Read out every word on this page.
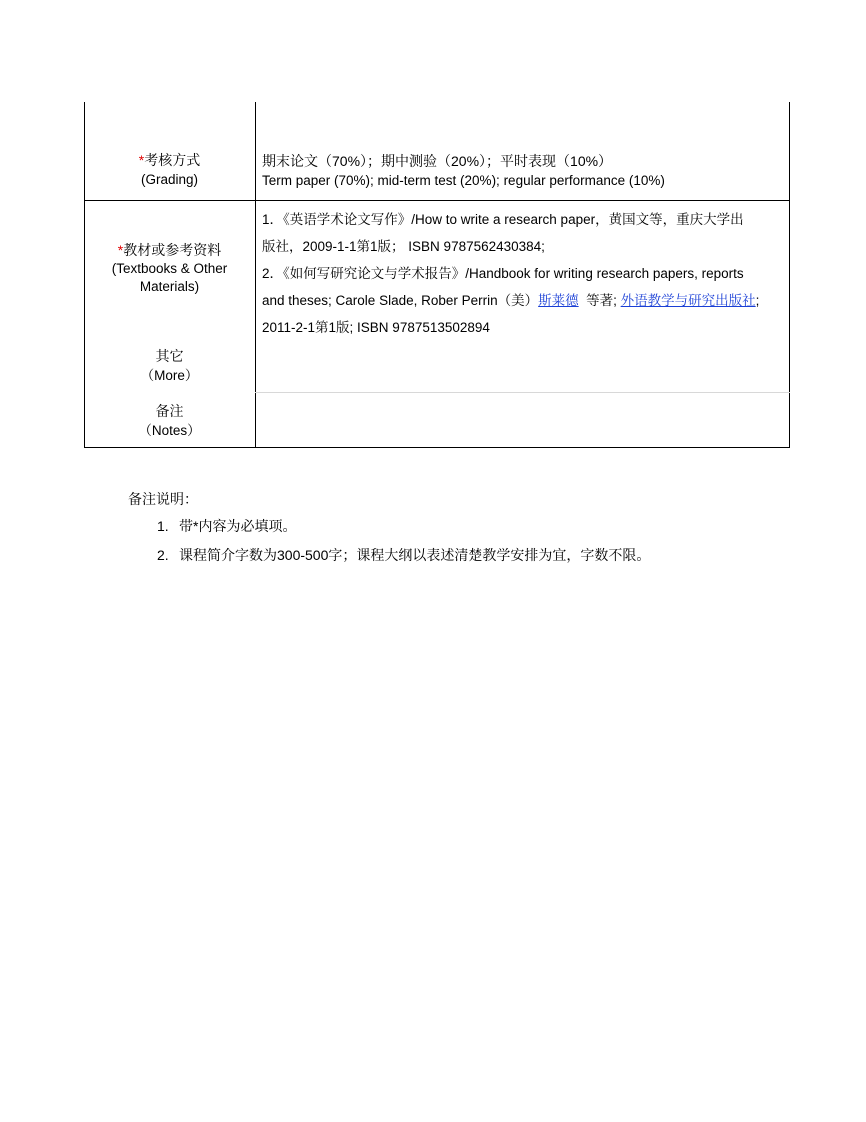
*考核方式
(Grading)
期末论文（70%）；期中测验（20%）；平时表现（10%）
Term paper (70%); mid-term test (20%); regular performance (10%)
*教材或参考资料
(Textbooks & Other
Materials)
1．《英语学术论文写作》/How to write a research paper，黄国文等，重庆大学出
版社，2009-1-1第1版； ISBN 9787562430384;
2．《如何写研究论文与学术报告》/Handbook for writing research papers, reports
and theses; Carole Slade, Rober Perrin（美）斯莱德  等著; 外语教学与研究出版社;
2011-2-1第1版; ISBN 9787513502894
其它
（More）
备注
（Notes）
备注说明：
1. 带*内容为必填项。
2. 课程简介字数为300-500字；课程大纲以表述清楚教学安排为宜，字数不限。
